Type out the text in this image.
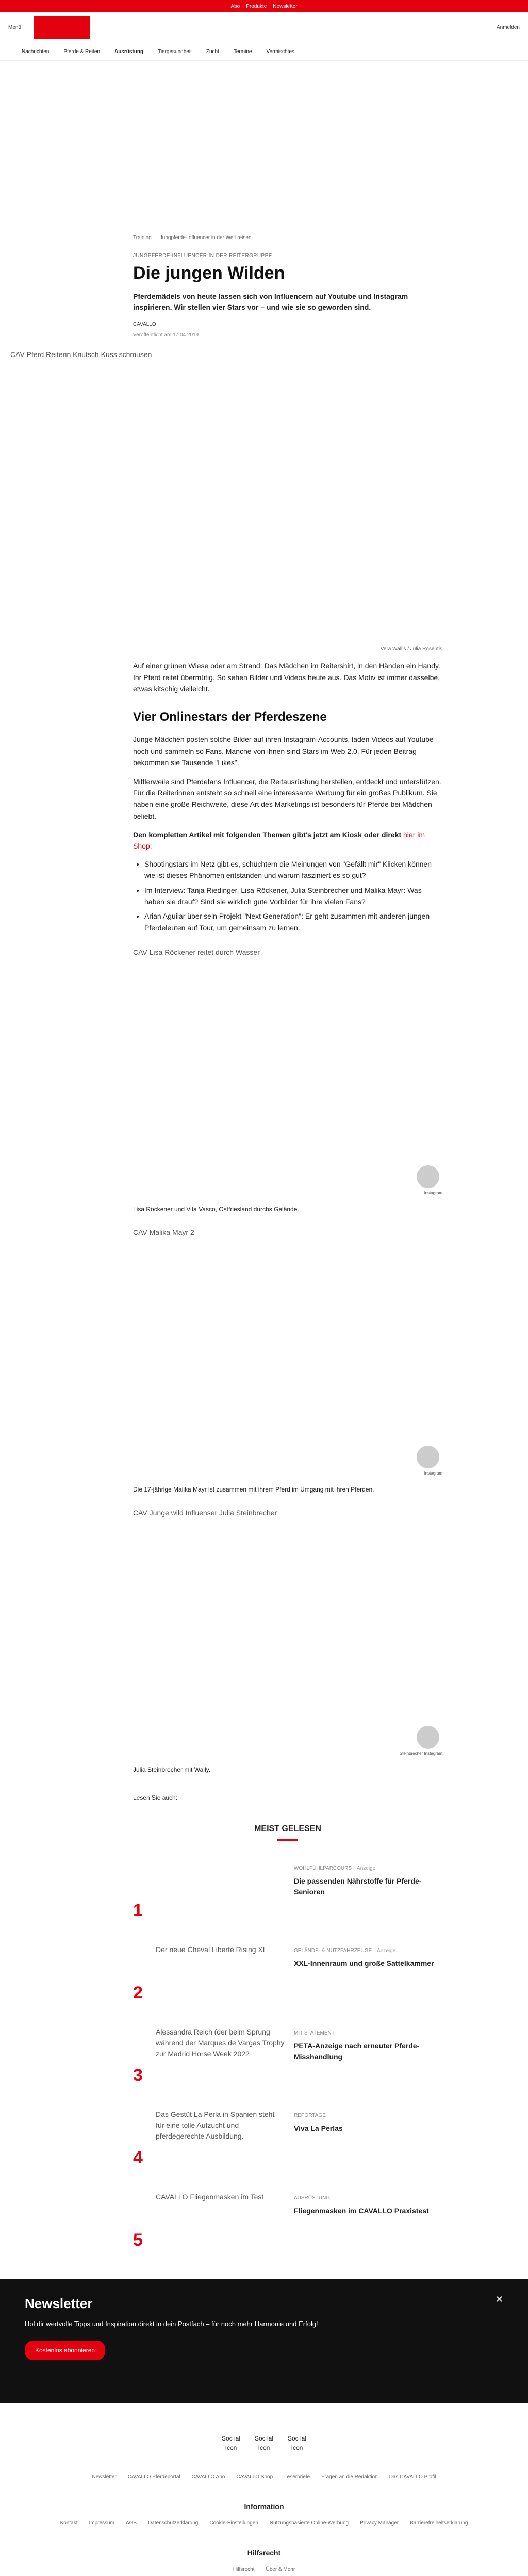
Abo Produkte Newsletter
Menü	Anmelden
Nachrichten	Pferde & Reiten	Ausrüstung	Tiergesundheit	Zucht	Termine	Vermischtes
Training Jungpferde-Influencer in der Welt reisen
JUNGPFERDE-INFLUENCER IN DER REITERGRUPPE
Die jungen Wilden
Pferdemädels von heute lassen sich von Influencern auf Youtube und Instagram inspirieren. Wir stellen vier Stars vor – und wie sie so geworden sind.
CAVALLO
Veröffentlicht am 17.04.2019
CAV Pferd Reiterin Knutsch Kuss schmusen
Vera Wallis / Julia Rosentis

Auf einer grünen Wiese oder am Strand: Das Mädchen im Reitershirt, in den Händen ein Handy. Ihr Pferd reitet übermütig. So sehen Bilder und Videos heute aus. Das Motiv ist immer dasselbe, etwas kitschig vielleicht.

Vier Onlinestars der Pferdeszene

Junge Mädchen posten solche Bilder auf ihren Instagram-Accounts, laden Videos auf Youtube hoch und sammeln so Fans. Manche von ihnen sind Stars im Web 2.0. Für jeden Beitrag bekommen sie Tausende "Likes".

Mittlerweile sind Pferdefans Influencer, die Reitausrüstung herstellen, entdeckt und unterstützen. Für die Reiterinnen entsteht so schnell eine interessante Werbung für ein großes Publikum. Sie haben eine große Reichweite, diese Art des Marketings ist besonders für Pferde bei Mädchen beliebt.

Den kompletten Artikel mit folgenden Themen gibt's jetzt am Kiosk oder direkt hier im Shop:

• Shootingstars im Netz gibt es, schüchtern die Meinungen von "Gefällt mir" Klicken können – wie ist dieses Phänomen entstanden und warum fasziniert es so gut?
• Im Interview: Tanja Riedinger, Lisa Röckener, Julia Steinbrecher und Malika Mayr: Was haben sie drauf? Sind sie wirklich gute Vorbilder für ihre vielen Fans?
• Arian Aguilar über sein Projekt "Next Generation": Er geht zusammen mit anderen jungen Pferdeleuten auf Tour, um gemeinsam zu lernen.
CAV Lisa Röckener reitet durch Wasser
instagram
Lisa Röckener und Vita Vasco, Ostfriesland durchs Gelände.
CAV Malika Mayr 2
instagram
Die 17-jährige Malika Mayr ist zusammen mit ihrem Pferd im Umgang mit ihren Pferden.
CAV Junge wild Influenser Julia Steinbrecher
Steinbrecher Instagram
Julia Steinbrecher mit Wally.
Lesen Sie auch:
MEIST GELESEN
1
WOHLFÜHLPARCOURS Anzeige
Die passenden Nährstoffe für Pferde-Senioren
2
Der neue Cheval Liberté Rising XL	GELÄNDE- & NUTZFAHRZEUGE Anzeige
XXL-Innenraum und große Sattelkammer
3
Alessandra Reich (der beim Sprung während der Marques de Vargas Trophy zur Madrid Horse Week 2022
MIT STATEMENT
PETA-Anzeige nach erneuter Pferde-Misshandlung
4
Das Gestüt La Perla in Spanien steht für eine tolle Aufzucht und pferdegerechte Ausbildung.
REPORTAGE
Viva La Perlas
5
CAVALLO Fliegenmasken im Test	AUSRÜSTUNG
Fliegenmasken im CAVALLO Praxistest
Newsletter

Hol dir wertvolle Tipps und Inspiration direkt in dein Postfach – für noch mehr Harmonie und Erfolg!

Kostenlos abonnieren
✕
Soc ial Icon
Soc ial Icon
Soc ial Icon
Newsletter CAVALLO Pferdeportal CAVALLO Abo CAVALLO Shop Leserbriefe Fragen an die Redaktion Das CAVALLO Profil
Information
Kontakt Impressum AGB Datenschutzerklärung Cookie-Einstellungen Nutzungsbasierte Online-Werbung Privacy Manager Barrierefreiheitserklärung
Hilfsrecht
Hilfsrecht Über & Mehr
